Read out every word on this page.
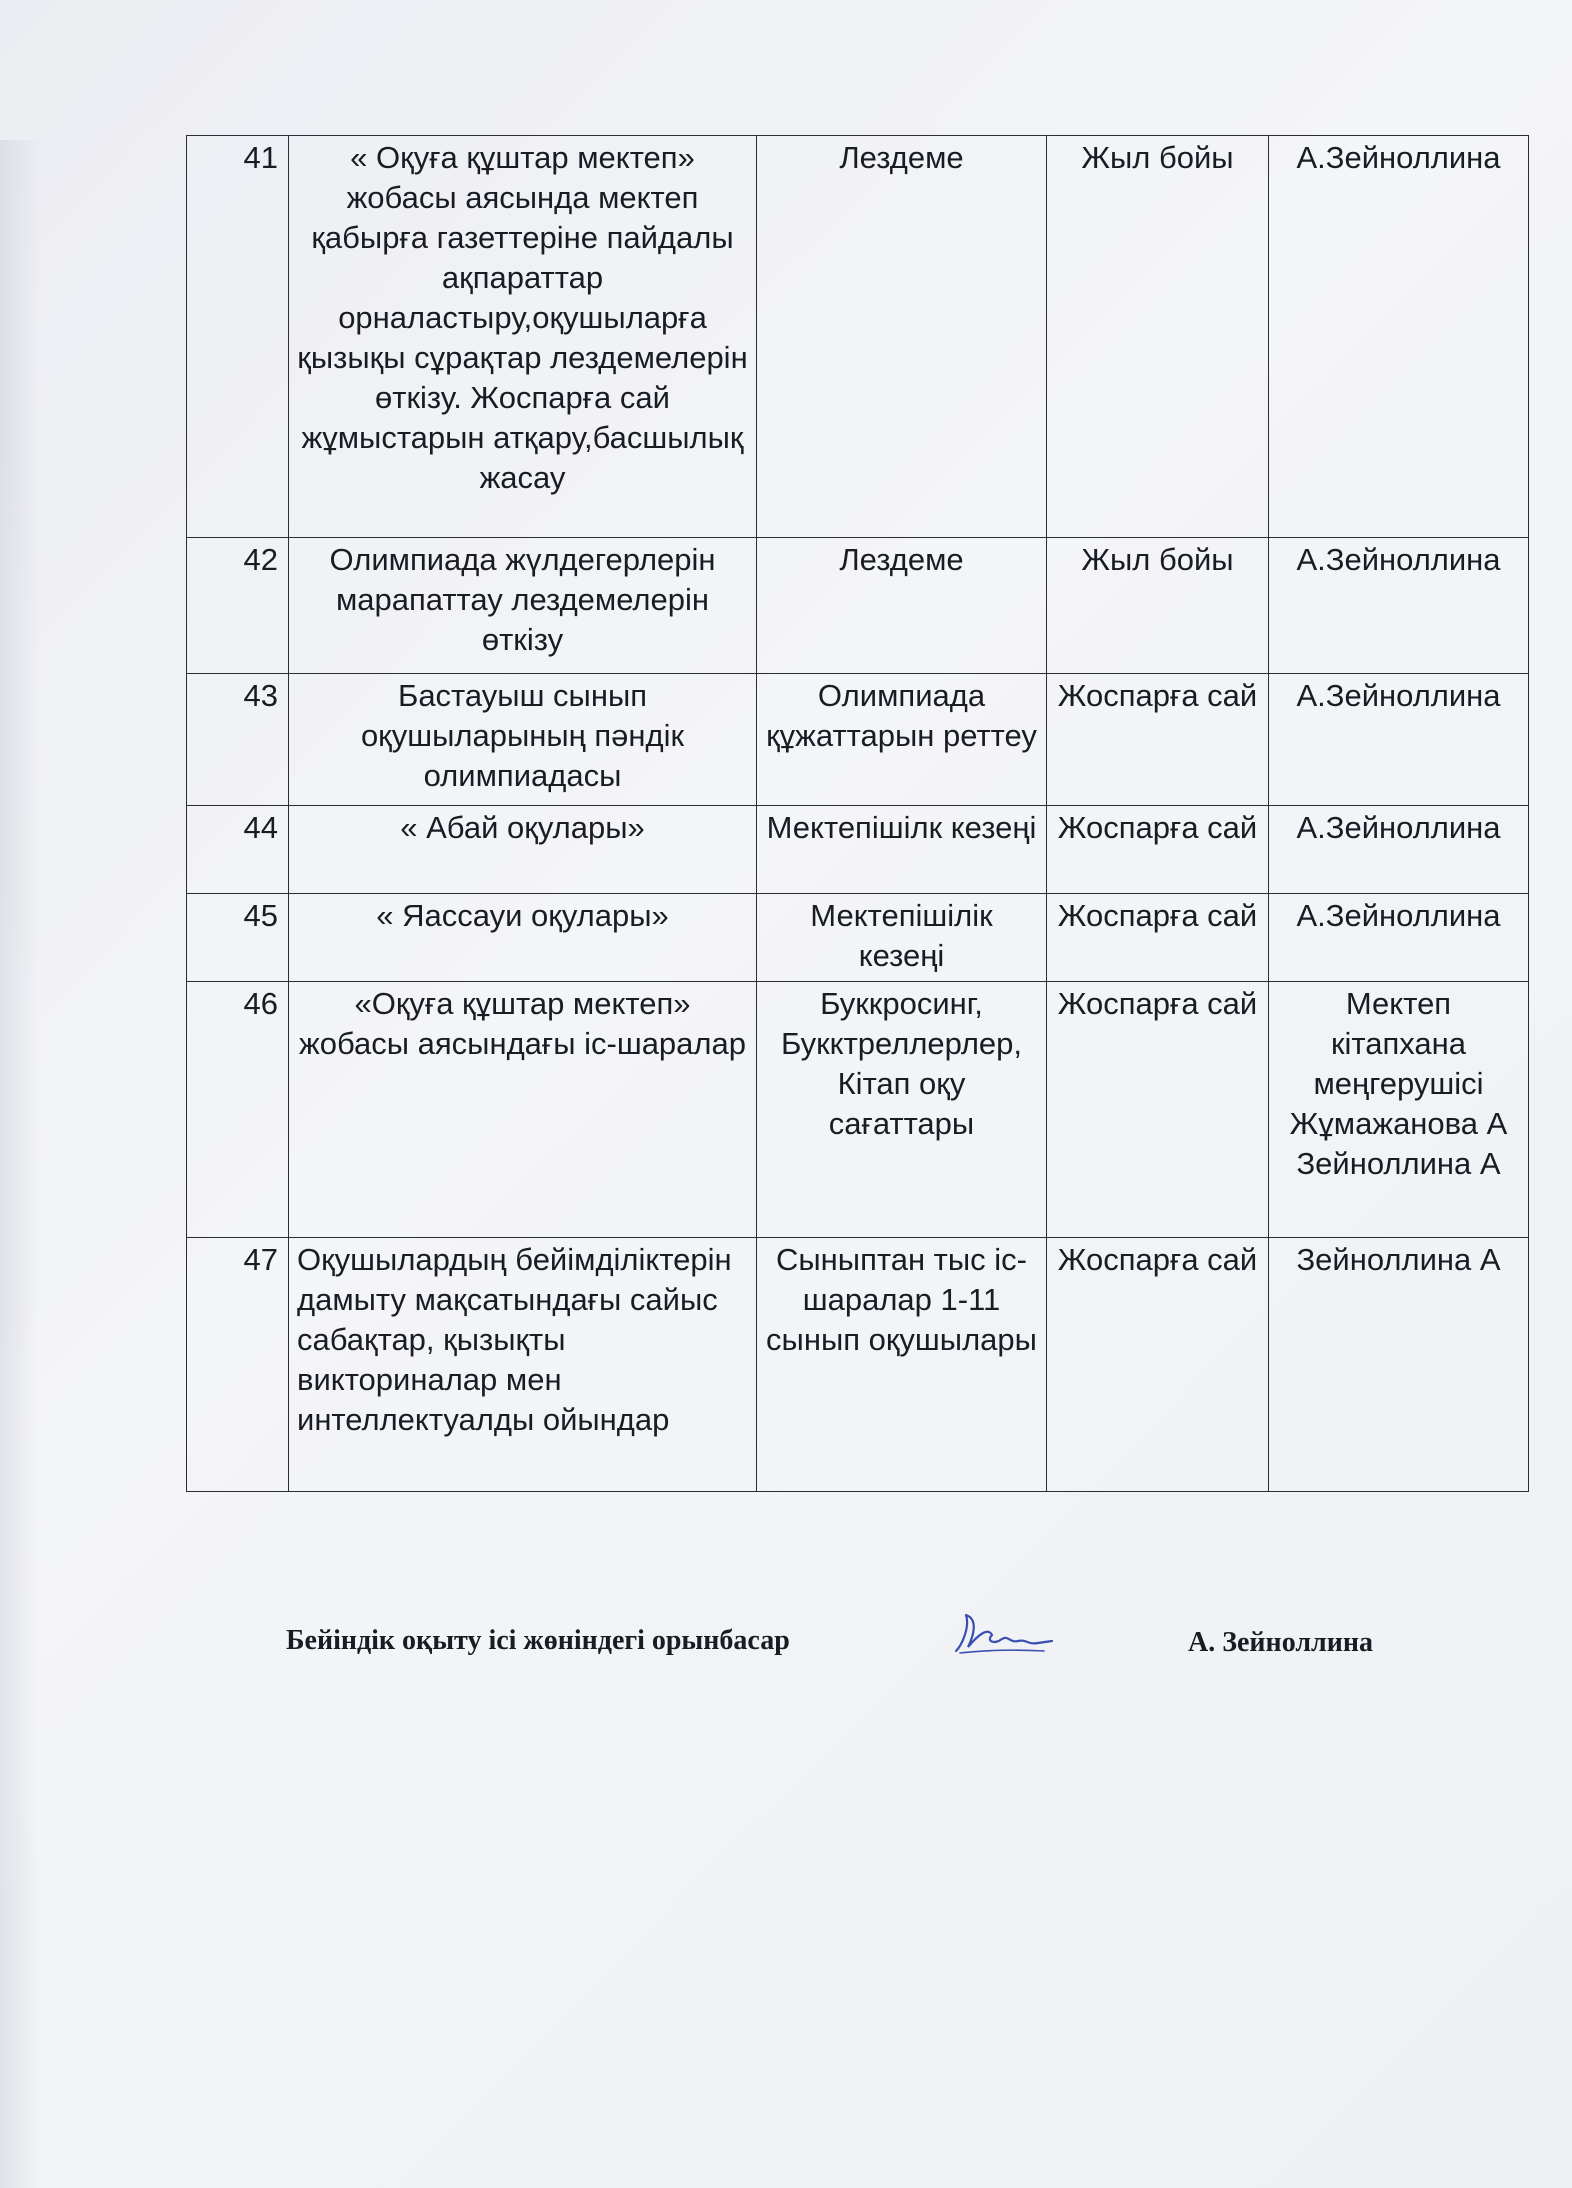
41	« Оқуға құштар мектеп» жобасы аясында мектеп қабырға газеттеріне пайдалы ақпараттар орналастыру,оқушыларға қызықы сұрақтар лездемелерін өткізу. Жоспарға сай жұмыстарын атқару,басшылық жасау	Лездеме	Жыл бойы	А.Зейноллина
42	Олимпиада жүлдегерлерін марапаттау лездемелерін өткізу	Лездеме	Жыл бойы	А.Зейноллина
43	Бастауыш сынып оқушыларының пәндік олимпиадасы	Олимпиада құжаттарын реттеу	Жоспарға сай	А.Зейноллина
44	« Абай оқулары»	Мектепішілк кезеңі	Жоспарға сай	А.Зейноллина
45	« Яассауи оқулары»	Мектепішілік кезеңі	Жоспарға сай	А.Зейноллина
46	«Оқуға құштар мектеп» жобасы аясындағы іс-шаралар	Буккросинг, Букктреллерлер, Кітап оқу сағаттары	Жоспарға сай	Мектеп кітапхана меңгерушісі Жұмажанова А Зейноллина А
47	Оқушылардың бейімділіктерін дамыту мақсатындағы сайыс сабақтар, қызықты викториналар мен интеллектуалды ойындар	Сыныптан тыс іс-шаралар 1-11 сынып оқушылары	Жоспарға сай	Зейноллина А
Бейіндік оқыту ісі жөніндегі орынбасар	А. Зейноллина
